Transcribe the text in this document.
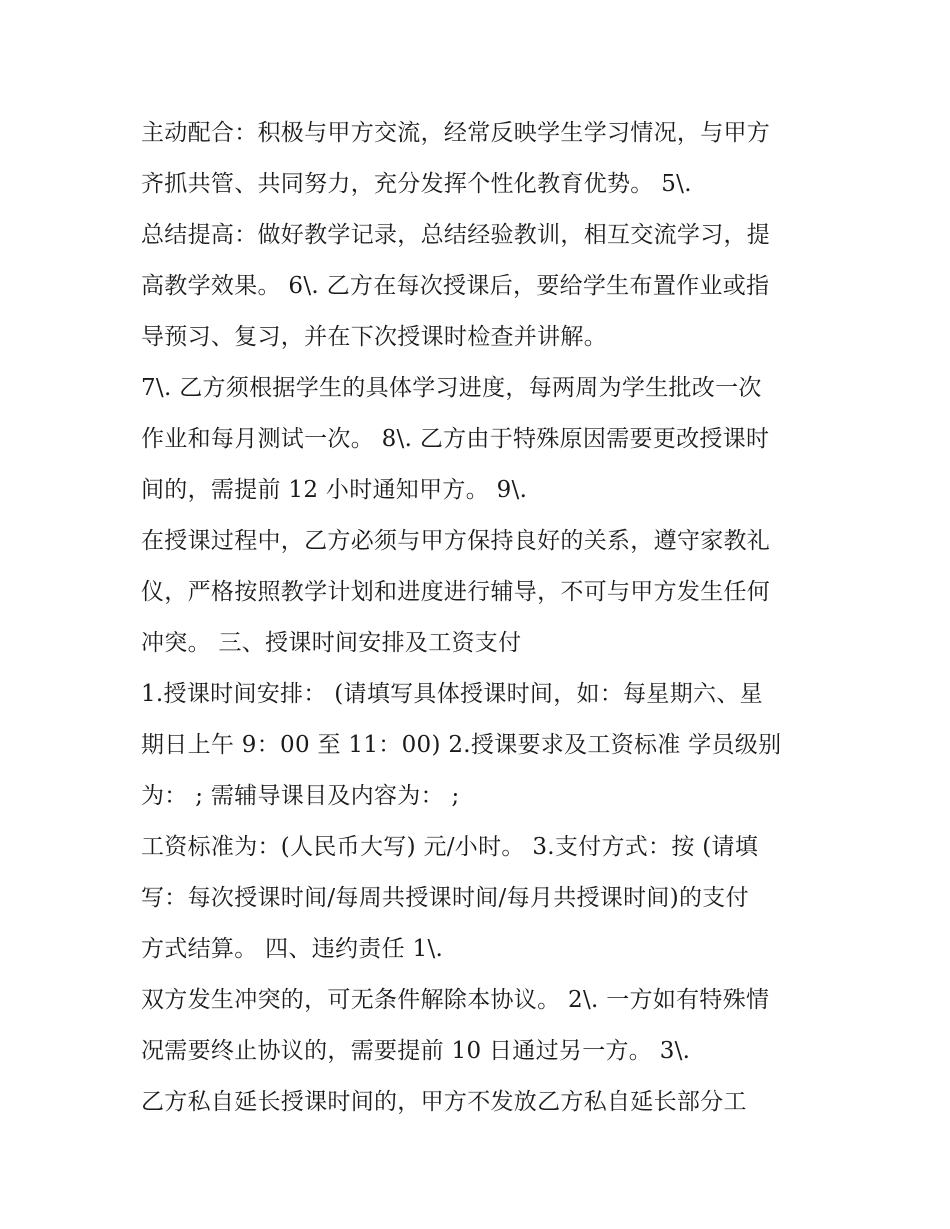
主动配合：积极与甲方交流，经常反映学生学习情况，与甲方
齐抓共管、共同努力，充分发挥个性化教育优势。 5\.
总结提高：做好教学记录，总结经验教训，相互交流学习，提
高教学效果。 6\. 乙方在每次授课后，要给学生布置作业或指
导预习、复习，并在下次授课时检查并讲解。
7\. 乙方须根据学生的具体学习进度，每两周为学生批改一次
作业和每月测试一次。 8\. 乙方由于特殊原因需要更改授课时
间的，需提前 12 小时通知甲方。 9\.
在授课过程中，乙方必须与甲方保持良好的关系，遵守家教礼
仪，严格按照教学计划和进度进行辅导，不可与甲方发生任何
冲突。 三、授课时间安排及工资支付
1.授课时间安排： (请填写具体授课时间，如：每星期六、星
期日上午 9：00 至 11：00) 2.授课要求及工资标准 学员级别
为： ; 需辅导课目及内容为： ;
工资标准为：(人民币大写) 元/小时。 3.支付方式：按 (请填
写：每次授课时间/每周共授课时间/每月共授课时间)的支付
方式结算。 四、违约责任 1\.
双方发生冲突的，可无条件解除本协议。 2\. 一方如有特殊情
况需要终止协议的，需要提前 10 日通过另一方。 3\.
乙方私自延长授课时间的，甲方不发放乙方私自延长部分工
